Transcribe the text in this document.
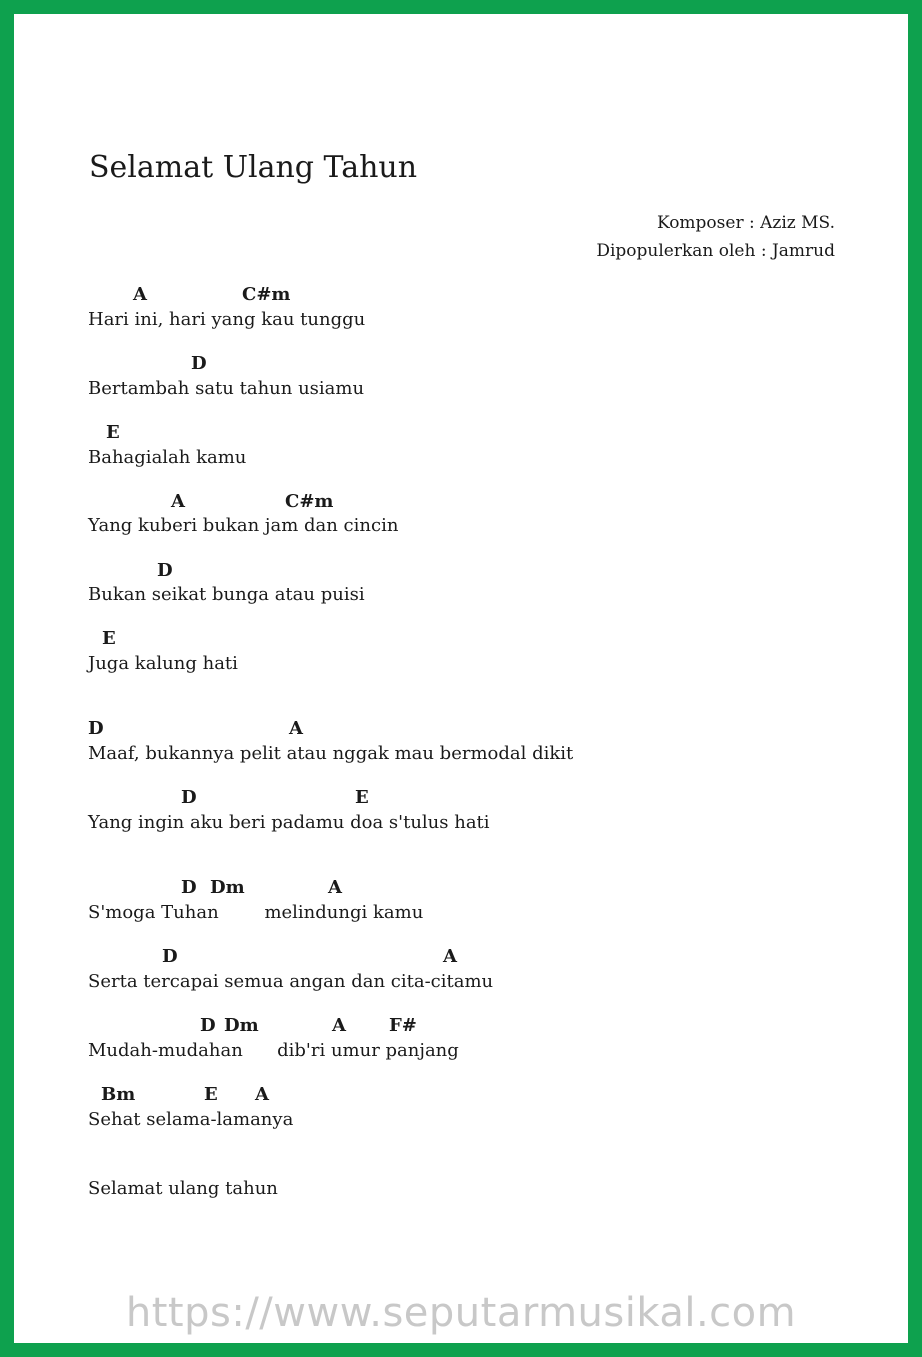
Selamat Ulang Tahun
Komposer : Aziz MS.
Dipopulerkan oleh : Jamrud
A	C#m
Hari ini, hari yang kau tunggu
D
Bertambah satu tahun usiamu
E
Bahagialah kamu
A	C#m
Yang kuberi bukan jam dan cincin
D
Bukan seikat bunga atau puisi
E
Juga kalung hati
D	A
Maaf, bukannya pelit atau nggak mau bermodal dikit
D	E
Yang ingin aku beri padamu doa s'tulus hati
D Dm	A
S'moga Tuhan        melindungi kamu
D	A
Serta tercapai semua angan dan cita-citamu
D Dm	A F#
Mudah-mudahan      dib'ri umur panjang
Bm	E A
Sehat selama-lamanya
Selamat ulang tahun
https://www.seputarmusikal.com
